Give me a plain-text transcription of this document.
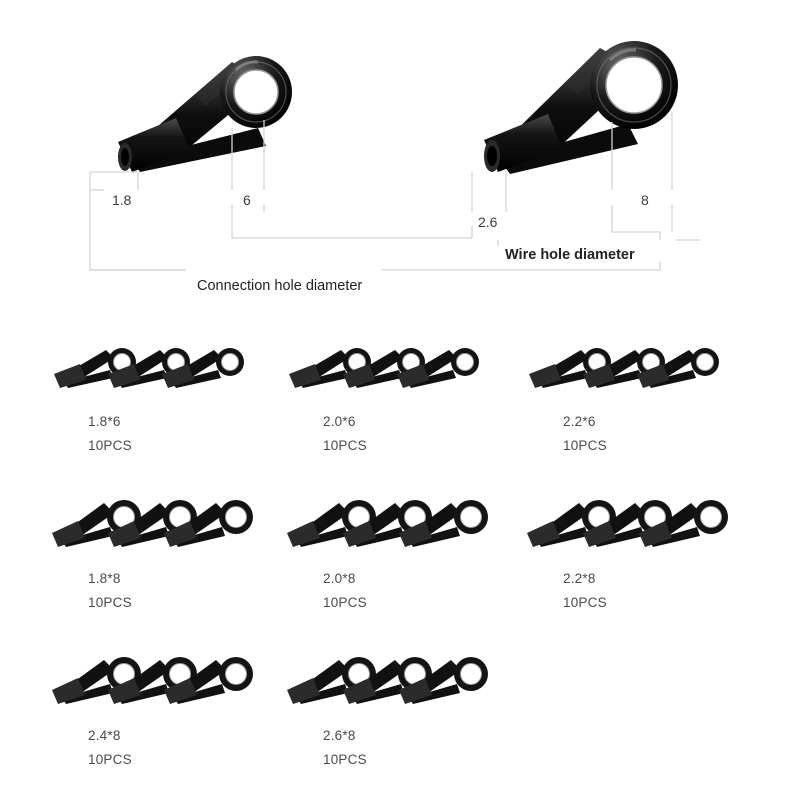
1.8	6
2.6
8
Wire hole diameter
Connection hole diameter
1.8*6
10PCS
2.0*6
10PCS
2.2*6
10PCS
1.8*8
10PCS
2.0*8
10PCS
2.2*8
10PCS
2.4*8
10PCS
2.6*8
10PCS
